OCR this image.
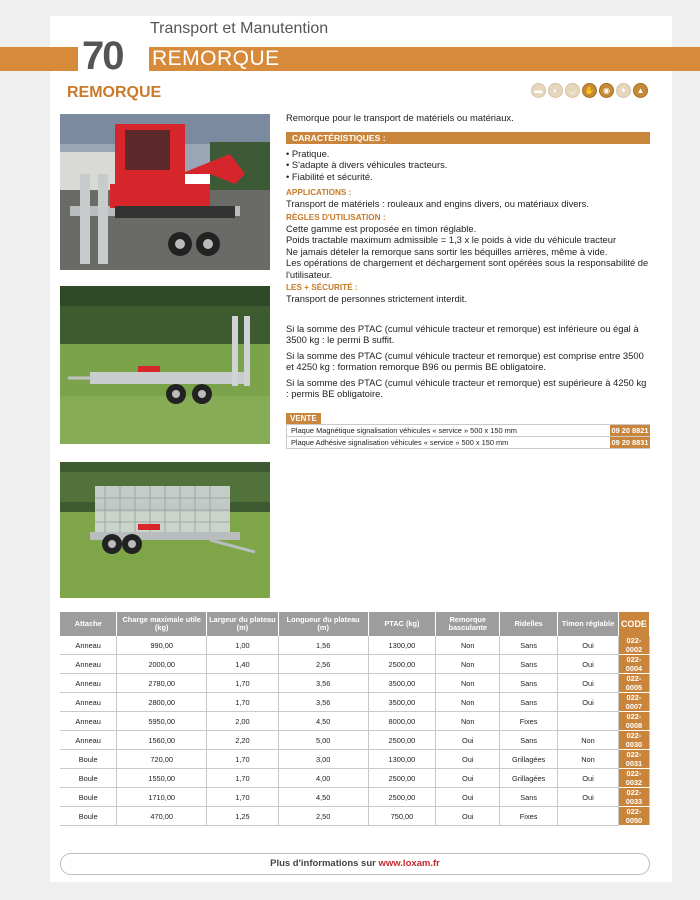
Transport et Manutention
70 REMORQUE
REMORQUE	▬	◐	◡	✋	◉	✦	▲
Remorque pour le transport de matériels ou matériaux.
CARACTÉRISTIQUES :
• Pratique.
• S'adapte à divers véhicules tracteurs.
• Fiabilité et sécurité.
APPLICATIONS :
Transport de matériels : rouleaux and engins divers, ou matériaux divers.
RÈGLES D'UTILISATION :
Cette gamme est proposée en timon réglable.
Poids tractable maximum admissible = 1,3 x le poids à vide du véhicule tracteur
Ne jamais dételer la remorque sans sortir les béquilles arrières, même à vide.
Les opérations de chargement et déchargement sont opérées sous la responsabilité de l'utilisateur.
LES + SÉCURITÉ :
Transport de personnes strictement interdit.
Si la somme des PTAC (cumul véhicule tracteur et remorque) est inférieure ou égal à 3500 kg : le permi B suffit.
Si la somme des PTAC (cumul véhicule tracteur et remorque) est comprise entre 3500 et 4250 kg : formation remorque B96 ou permis BE obligatoire.
Si la somme des PTAC (cumul véhicule tracteur et remorque) est supérieure à 4250 kg : permis BE obligatoire.
VENTE
Plaque Magnétique signalisation véhicules « service » 500 x 150 mm	09 20 8821
Plaque Adhésive signalisation véhicules « service » 500 x 150 mm	09 20 8831
Attache	Charge maximale utile (kg)	Largeur du plateau (m)	Longueur du plateau (m)	PTAC (kg)	Remorque basculante	Ridelles	Timon réglable	CODE
Anneau	990,00	1,00	1,56	1300,00	Non	Sans	Oui	022-0002
Anneau	2000,00	1,40	2,56	2500,00	Non	Sans	Oui	022-0004
Anneau	2780,00	1,70	3,56	3500,00	Non	Sans	Oui	022-0005
Anneau	2800,00	1,70	3,56	3500,00	Non	Sans	Oui	022-0007
Anneau	5950,00	2,00	4,50	8000,00	Non	Fixes		022-0008
Anneau	1560,00	2,20	5,00	2500,00	Oui	Sans	Non	022-0030
Boule	720,00	1,70	3,00	1300,00	Oui	Grillagées	Non	022-0031
Boule	1550,00	1,70	4,00	2500,00	Oui	Grillagées	Oui	022-0032
Boule	1710,00	1,70	4,50	2500,00	Oui	Sans	Oui	022-0033
Boule	470,00	1,25	2,50	750,00	Oui	Fixes		022-0050
Plus d'informations sur www.loxam.fr
